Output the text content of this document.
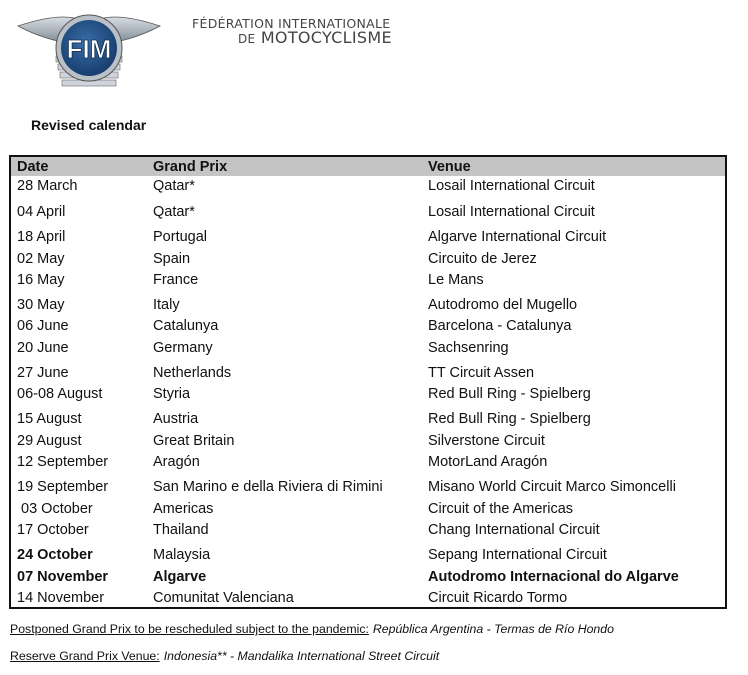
FIM
FÉDÉRATION INTERNATIONALE
DE MOTOCYCLISME
Revised calendar
Date	Grand Prix	Venue
28 March	Qatar*	Losail International Circuit
04 April	Qatar*	Losail International Circuit
18 April	Portugal	Algarve International Circuit
02 May	Spain	Circuito de Jerez
16 May	France	Le Mans
30 May	Italy	Autodromo del Mugello
06 June	Catalunya	Barcelona - Catalunya
20 June	Germany	Sachsenring
27 June	Netherlands	TT Circuit Assen
06-08 August	Styria	Red Bull Ring - Spielberg
15 August	Austria	Red Bull Ring - Spielberg
29 August	Great Britain	Silverstone Circuit
12 September	Aragón	MotorLand Aragón
19 September	San Marino e della Riviera di Rimini	Misano World Circuit Marco Simoncelli
03 October	Americas	Circuit of the Americas
17 October	Thailand	Chang International Circuit
24 October	Malaysia	Sepang International Circuit
07 November	Algarve	Autodromo Internacional do Algarve
14 November	Comunitat Valenciana	Circuit Ricardo Tormo
Postponed Grand Prix to be rescheduled subject to the pandemic: República Argentina - Termas de Río Hondo
Reserve Grand Prix Venue: Indonesia** - Mandalika International Street Circuit
